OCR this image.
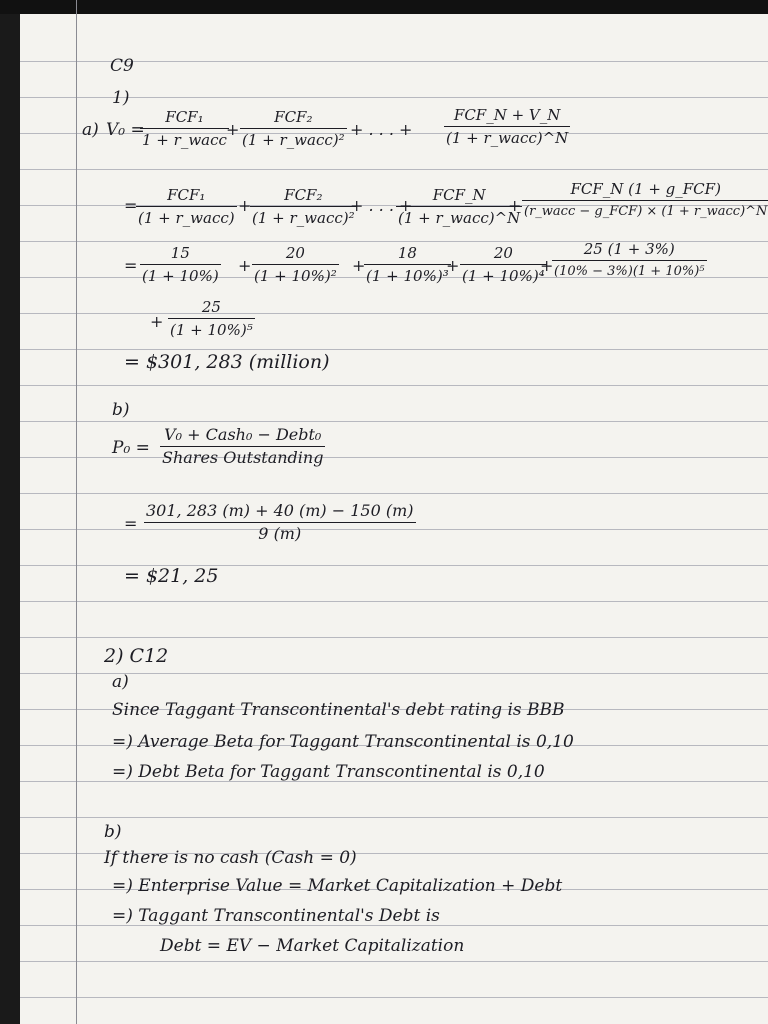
C9

1)

a) V₀ =

FCF₁
1 + r_wacc
+
FCF₂
(1 + r_wacc)²
+ . . . +
FCF_N + V_N
(1 + r_wacc)^N
=
FCF₁
(1 + r_wacc)
+
FCF₂
(1 + r_wacc)²
+ . . . +
FCF_N
(1 + r_wacc)^N
+
FCF_N (1 + g_FCF)
(r_wacc − g_FCF) × (1 + r_wacc)^N
= $\frac{15}{(1 + 10\%)} + \frac{20}{\text{(1 + 10\%)²}}$ +
$\frac{18}{\text{(1 + 10\%)³}}$
+ $\frac{20}{\text{(1 + 10\%)⁴}}$
+
$\frac{25 (1 + 3\%)}{\text{(10\% − 3\%)(1 + 10\%)⁵}}$
+ $\frac{25}{\text{(1 + 10\%)⁵}}$

= $301, 283 (million)

b)

P₀ =

V₀ + Cash₀ − Debt₀
Shares Outstanding
= $\frac{301, 283 (m) + 40 (m) - 150 (m)}{9 (m)}$

= $21, 25

2) C12

a)

Since Taggant Transcontinental's debt rating is BBB

=) Average Beta for Taggant Transcontinental is 0,10

=) Debt Beta for Taggant Transcontinental is 0,10

b)

If there is no cash (Cash = 0)

=) Enterprise Value = Market Capitalization + Debt

=) Taggant Transcontinental's Debt is

Debt = EV − Market Capitalization
